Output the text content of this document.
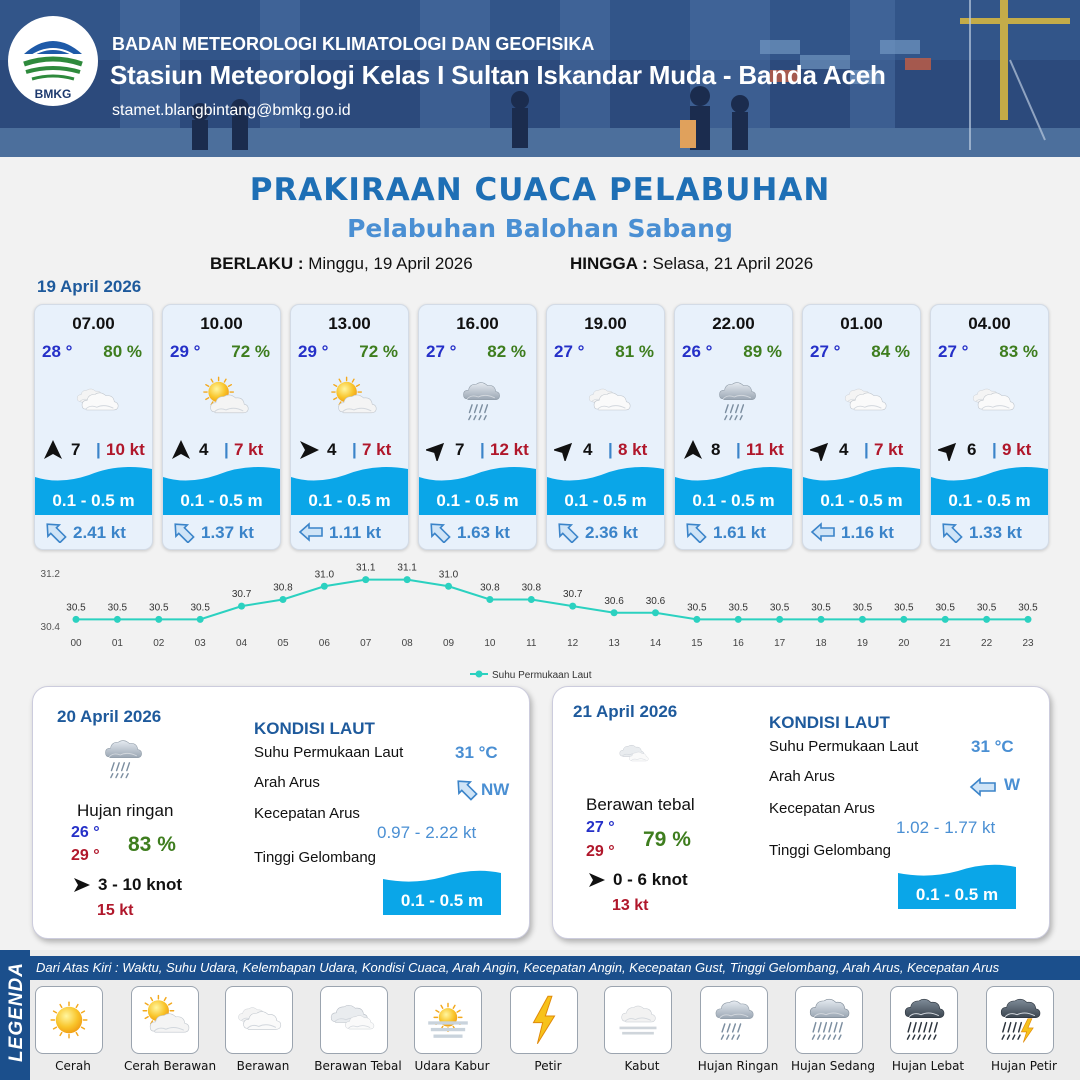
BMKG
BADAN METEOROLOGI KLIMATOLOGI DAN GEOFISIKA
Stasiun Meteorologi Kelas I Sultan Iskandar Muda - Banda Aceh
stamet.blangbintang@bmkg.go.id
PRAKIRAAN CUACA PELABUHAN
Pelabuhan Balohan Sabang
BERLAKU : Minggu, 19 April 2026	HINGGA : Selasa, 21 April 2026
19 April 2026
07.00
28 ° 80 %
7 | 10 kt
0.1 - 0.5 m
2.41 kt
10.00
29 ° 72 %
4 | 7 kt
0.1 - 0.5 m
1.37 kt
13.00
29 ° 72 %
4 | 7 kt
0.1 - 0.5 m
1.11 kt
16.00
27 ° 82 %
7 | 12 kt
0.1 - 0.5 m
1.63 kt
19.00
27 ° 81 %
4 | 8 kt
0.1 - 0.5 m
2.36 kt
22.00
26 ° 89 %
8 | 11 kt
0.1 - 0.5 m
1.61 kt
01.00
27 ° 84 %
4 | 7 kt
0.1 - 0.5 m
1.16 kt
04.00
27 ° 83 %
6 | 9 kt
0.1 - 0.5 m
1.33 kt
31.2
30.4
30.5 30.5 30.5 30.5
30.7
30.8
31.0
31.1 31.1
31.0
30.8 30.8
30.7
30.6 30.6
30.5 30.5 30.5 30.5 30.5 30.5 30.5 30.5 30.5
00	01	02	03	04	05	06	07	08	09	10	11	12	13	14	15	16	17	18	19	20	21	22	23
Suhu Permukaan Laut
20 April 2026
Hujan ringan
26 °
29 ° 83 %
3 - 10 knot
15 kt
KONDISI LAUT
Suhu Permukaan Laut	31 °C
Arah Arus	NW
Kecepatan Arus
0.97 - 2.22 kt
Tinggi Gelombang
0.1 - 0.5 m
21 April 2026
Berawan tebal
27 °
29 °
79 %
0 - 6 knot
13 kt
KONDISI LAUT
Suhu Permukaan Laut	31 °C
Arah Arus	W
Kecepatan Arus
1.02 - 1.77 kt
Tinggi Gelombang
0.1 - 0.5 m
LEGENDA Dari Atas Kiri : Waktu, Suhu Udara, Kelembapan Udara, Kondisi Cuaca, Arah Angin, Kecepatan Angin, Kecepatan Gust, Tinggi Gelombang, Arah Arus, Kecepatan Arus
Cerah	Cerah Berawan	Berawan	Berawan Tebal	Udara Kabur	Petir	Kabut	Hujan Ringan	Hujan Sedang	Hujan Lebat	Hujan Petir
